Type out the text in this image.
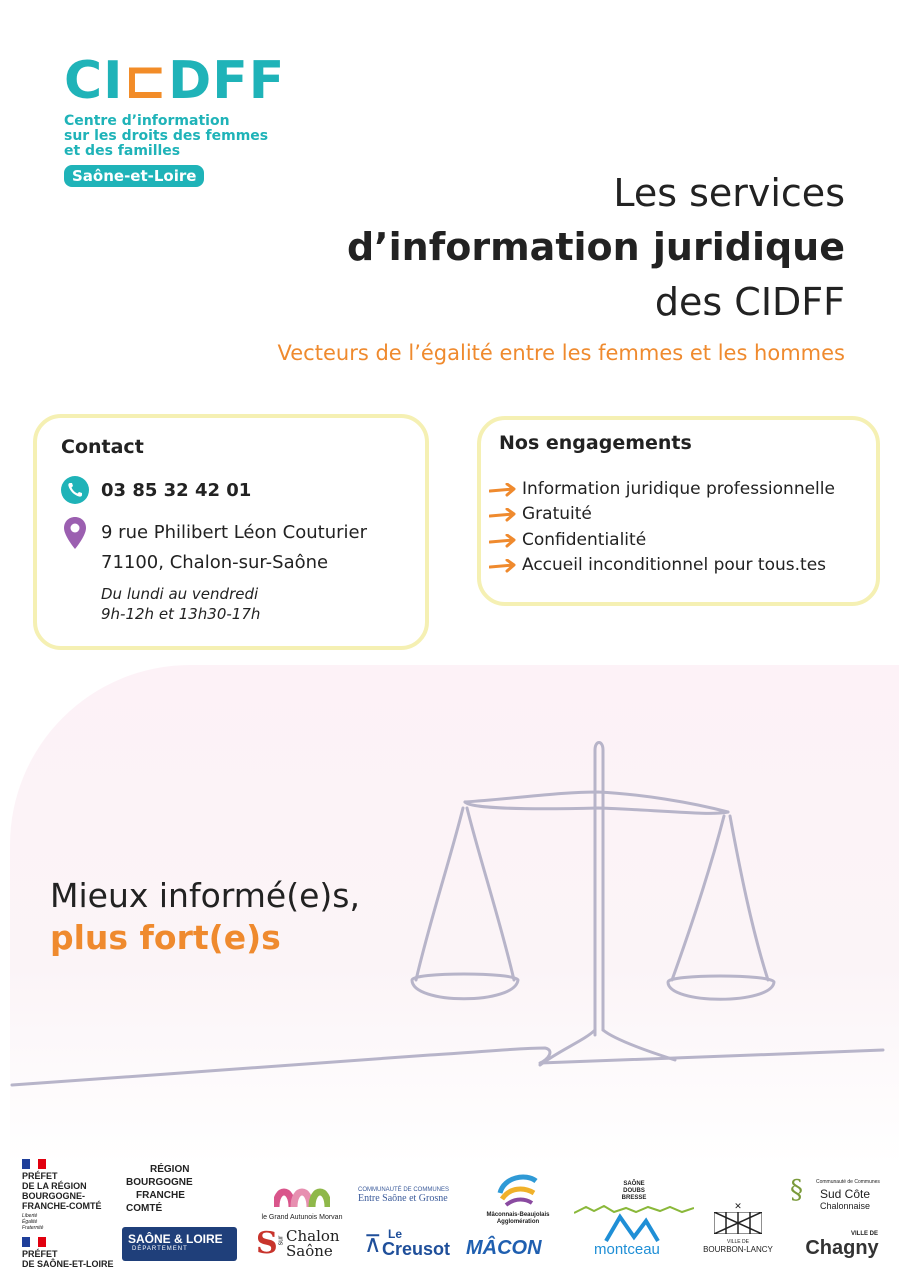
CI⊏DFF
Centre d’information
sur les droits des femmes
et des familles
Saône-et-Loire	Les services
d’information juridique
des CIDFF
Vecteurs de l’égalité entre les femmes et les hommes
Contact
03 85 32 42 01
9 rue Philibert Léon Couturier
71100, Chalon-sur-Saône
Du lundi au vendredi
9h-12h et 13h30-17h
Nos engagements
Information juridique professionnelle
Gratuité
Confidentialité
Accueil inconditionnel pour tous.tes
Mieux informé(e)s,
plus fort(e)s
PRÉFET
DE LA RÉGION
BOURGOGNE-
FRANCHE-COMTÉ
Liberté
Égalité
Fraternité
PRÉFET
DE SAÔNE-ET-LOIRE
RÉGION
BOURGOGNE
FRANCHE
COMTÉ
SAÔNE & LOIRE
DÉPARTEMENT
le Grand Autunois Morvan
S sur Chalon
Saône
COMMUNAUTÉ DE COMMUNES
Entre Saône et Grosne
Le
⊼ Creusot
Mâconnais-Beaujolais
Agglomération
MÂCON
SAÔNE
DOUBS
BRESSE
montceau
✕
VILLE DE
BOURBON-LANCY
§	Communauté de Communes
Sud Côte
Chalonnaise
VILLE DE
Chagny
